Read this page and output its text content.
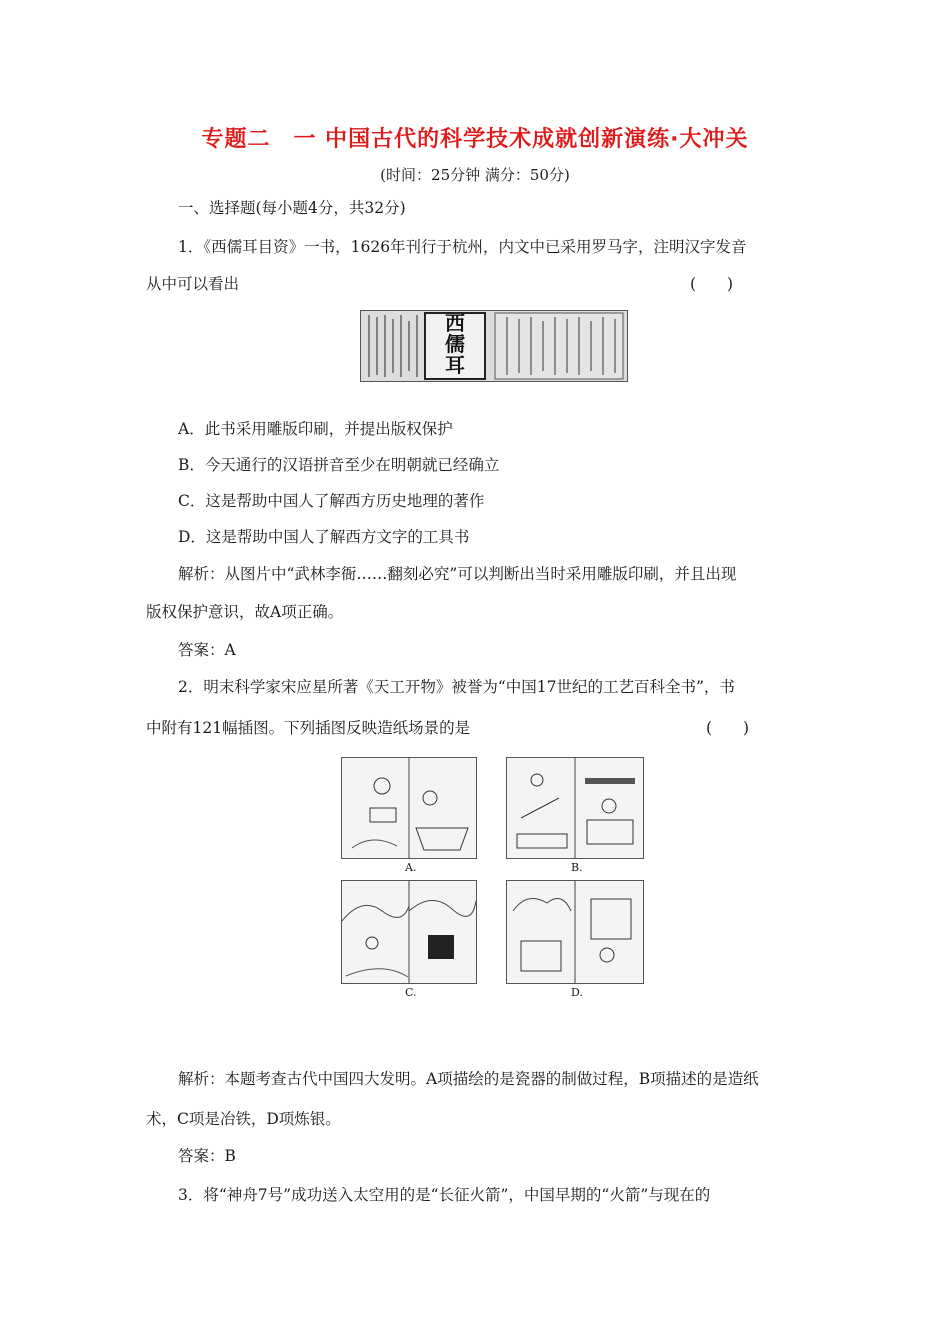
专题二　一 中国古代的科学技术成就创新演练·大冲关
(时间：25分钟 满分：50分)
一、选择题(每小题4分，共32分)
1．《西儒耳目资》一书，1626年刊行于杭州，内文中已采用罗马字，注明汉字发音
从中可以看出	(　　)
西
儒
耳
A．此书采用雕版印刷，并提出版权保护
B．今天通行的汉语拼音至少在明朝就已经确立
C．这是帮助中国人了解西方历史地理的著作
D．这是帮助中国人了解西方文字的工具书
解析：从图片中“武林李衙……翻刻必究”可以判断出当时采用雕版印刷，并且出现
版权保护意识，故A项正确。
答案：A
2．明末科学家宋应星所著《天工开物》被誉为“中国17世纪的工艺百科全书”，书
中附有121幅插图。下列插图反映造纸场景的是	(　　)
A.	B.
C.	D.
解析：本题考查古代中国四大发明。A项描绘的是瓷器的制做过程，B项描述的是造纸
术，C项是冶铁，D项炼银。
答案：B
3．将“神舟7号”成功送入太空用的是“长征火箭”，中国早期的“火箭”与现在的
